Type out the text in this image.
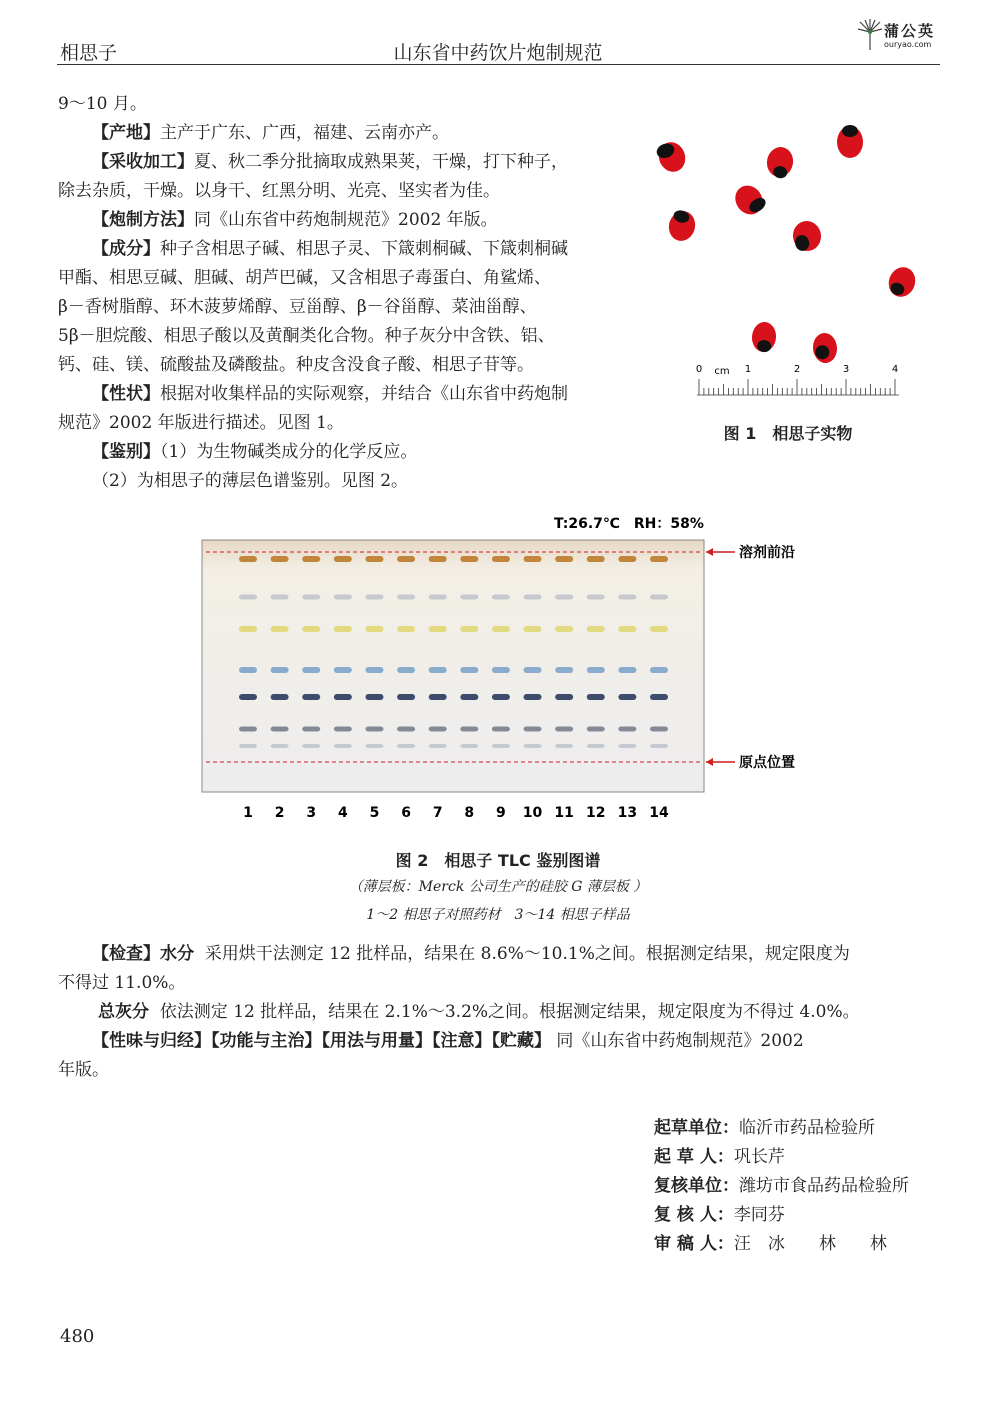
相思子	山东省中药饮片炮制规范
蒲公英
ouryao.com
9～10 月。
【产地】主产于广东、广西，福建、云南亦产。
【采收加工】夏、秋二季分批摘取成熟果荚，干燥，打下种子，
除去杂质，干燥。以身干、红黑分明、光亮、坚实者为佳。
【炮制方法】同《山东省中药炮制规范》2002 年版。
【成分】种子含相思子碱、相思子灵、下箴刺桐碱、下箴刺桐碱
甲酯、相思豆碱、胆碱、胡芦巴碱，又含相思子毒蛋白、角鲨烯、
β－香树脂醇、环木菠萝烯醇、豆甾醇、β－谷甾醇、菜油甾醇、
5β－胆烷酸、相思子酸以及黄酮类化合物。种子灰分中含铁、铝、
钙、硅、镁、硫酸盐及磷酸盐。种皮含没食子酸、相思子苷等。
【性状】根据对收集样品的实际观察，并结合《山东省中药炮制
规范》2002 年版进行描述。见图 1。
【鉴别】（1）为生物碱类成分的化学反应。
（2）为相思子的薄层色谱鉴别。见图 2。
0 cm 1	2	3	4
图 1　相思子实物
T:26.7℃　RH：58%
溶剂前沿
原点位置
1 2 3 4 5 6 7 8 9 10 11 12 13 14
图 2　相思子 TLC 鉴别图谱
（薄层板：Merck 公司生产的硅胶 G 薄层板 ）
1～2 相思子对照药材　3～14 相思子样品
【检查】水分 采用烘干法测定 12 批样品，结果在 8.6%～10.1%之间。根据测定结果，规定限度为
不得过 11.0%。
总灰分 依法测定 12 批样品，结果在 2.1%～3.2%之间。根据测定结果，规定限度为不得过 4.0%。
【性味与归经】【功能与主治】【用法与用量】【注意】【贮藏】 同《山东省中药炮制规范》2002
年版。
起草单位：临沂市药品检验所
起 草 人：巩长芹
复核单位：潍坊市食品药品检验所
复 核 人：李同芬
审 稿 人：汪　冰　　林　　林
480
